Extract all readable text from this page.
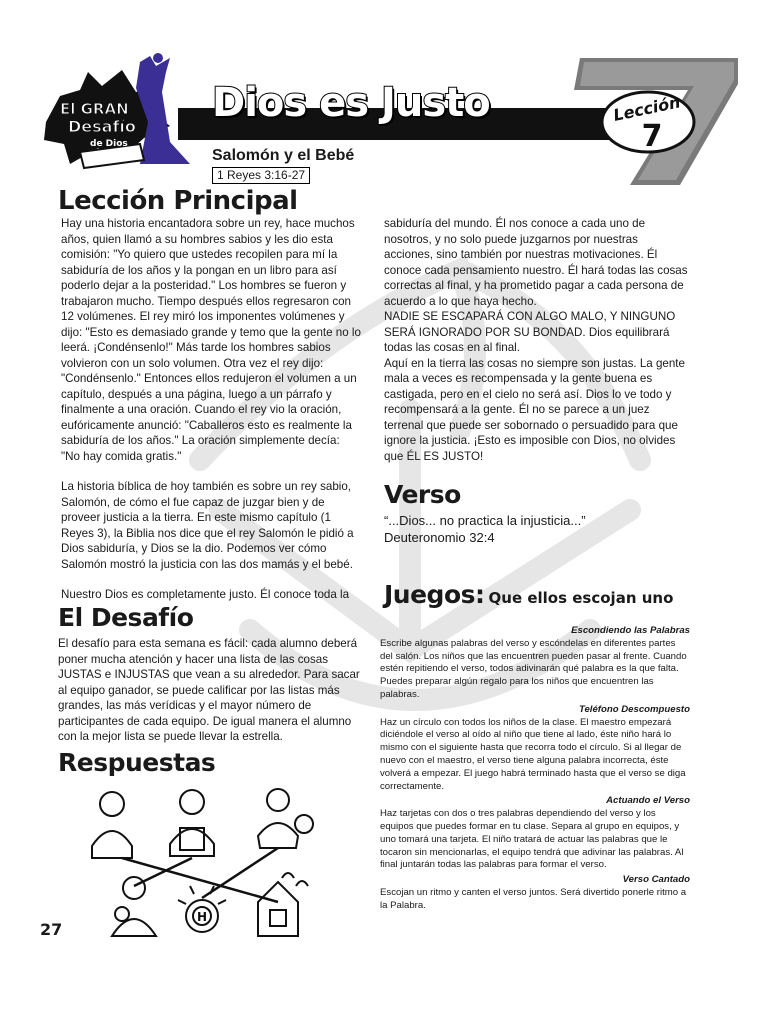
El GRAN
Desafío
de Dios
Dios es Justo
Salomón y el Bebé
1 Reyes 3:16-27
Lección
7
Lección Principal

Hay una historia encantadora sobre un rey, hace muchos años, quien llamó a su hombres sabios y les dio esta comisión: "Yo quiero que ustedes recopilen para mí la sabiduría de los años y la pongan en un libro para así poderlo dejar a la posteridad." Los hombres se fueron y trabajaron mucho. Tiempo después ellos regresaron con 12 volúmenes. El rey miró los imponentes volúmenes y dijo: "Esto es demasiado grande y temo que la gente no lo leerá. ¡Condénsenlo!" Más tarde los hombres sabios volvieron con un solo volumen. Otra vez el rey dijo: "Condénsenlo." Entonces ellos redujeron el volumen a un capítulo, después a una página, luego a un párrafo y finalmente a una oración. Cuando el rey vio la oración, eufóricamente anunció: "Caballeros esto es realmente la sabiduría de los años." La oración simplemente decía: "No hay comida gratis."

La historia bíblica de hoy también es sobre un rey sabio, Salomón, de cómo el fue capaz de juzgar bien y de proveer justicia a la tierra. En este mismo capítulo (1 Reyes 3), la Biblia nos dice que el rey Salomón le pidió a Dios sabiduría, y Dios se la dio. Podemos ver cómo Salomón mostró la justicia con las dos mamás y el bebé.

Nuestro Dios es completamente justo. Él conoce toda la

sabiduría del mundo. Él nos conoce a cada uno de nosotros, y no solo puede juzgarnos por nuestras acciones, sino también por nuestras motivaciones. Él conoce cada pensamiento nuestro. Él hará todas las cosas correctas al final, y ha prometido pagar a cada persona de acuerdo a lo que haya hecho.

NADIE SE ESCAPARÁ CON ALGO MALO, Y NINGUNO SERÁ IGNORADO POR SU BONDAD. Dios equilibrará todas las cosas en al final.

Aquí en la tierra las cosas no siempre son justas. La gente mala a veces es recompensada y la gente buena es castigada, pero en el cielo no será así. Dios lo ve todo y recompensará a la gente. Él no se parece a un juez terrenal que puede ser sobornado o persuadido para que ignore la justicia. ¡Esto es imposible con Dios, no olvides que ÉL ES JUSTO!

Verso
“...Dios... no practica la injusticia...”
Deuteronomio 32:4
Juegos: Que ellos escojan uno
Escondiendo las Palabras

Escribe algunas palabras del verso y escóndelas en diferentes partes del salón. Los niños que las encuentren pueden pasar al frente. Cuando estén repitiendo el verso, todos adivinarán qué palabra es la que falta. Puedes preparar algún regalo para los niños que encuentren las palabras.

Teléfono Descompuesto

Haz un círculo con todos los niños de la clase. El maestro empezará diciéndole el verso al oído al niño que tiene al lado, éste niño hará lo mismo con el siguiente hasta que recorra todo el círculo. Si al llegar de nuevo con el maestro, el verso tiene alguna palabra incorrecta, éste volverá a empezar. El juego habrá terminado hasta que el verso se diga correctamente.

Actuando el Verso

Haz tarjetas con dos o tres palabras dependiendo del verso y los equipos que puedes formar en tu clase. Separa al grupo en equipos, y uno tomará una tarjeta. El niño tratará de actuar las palabras que le tocaron sin mencionarlas, el equipo tendrá que adivinar las palabras. Al final juntarán todas las palabras para formar el verso.

Verso Cantado

Escojan un ritmo y canten el verso juntos. Será divertido ponerle ritmo a la Palabra.

El Desafío
El desafío para esta semana es fácil: cada alumno deberá poner mucha atención y hacer una lista de las cosas JUSTAS e INJUSTAS que vean a su alrededor. Para sacar al equipo ganador, se puede calificar por las listas más grandes, las más verídicas y el mayor número de participantes de cada equipo. De igual manera el alumno con la mejor lista se puede llevar la estrella.
Respuestas
H
27
